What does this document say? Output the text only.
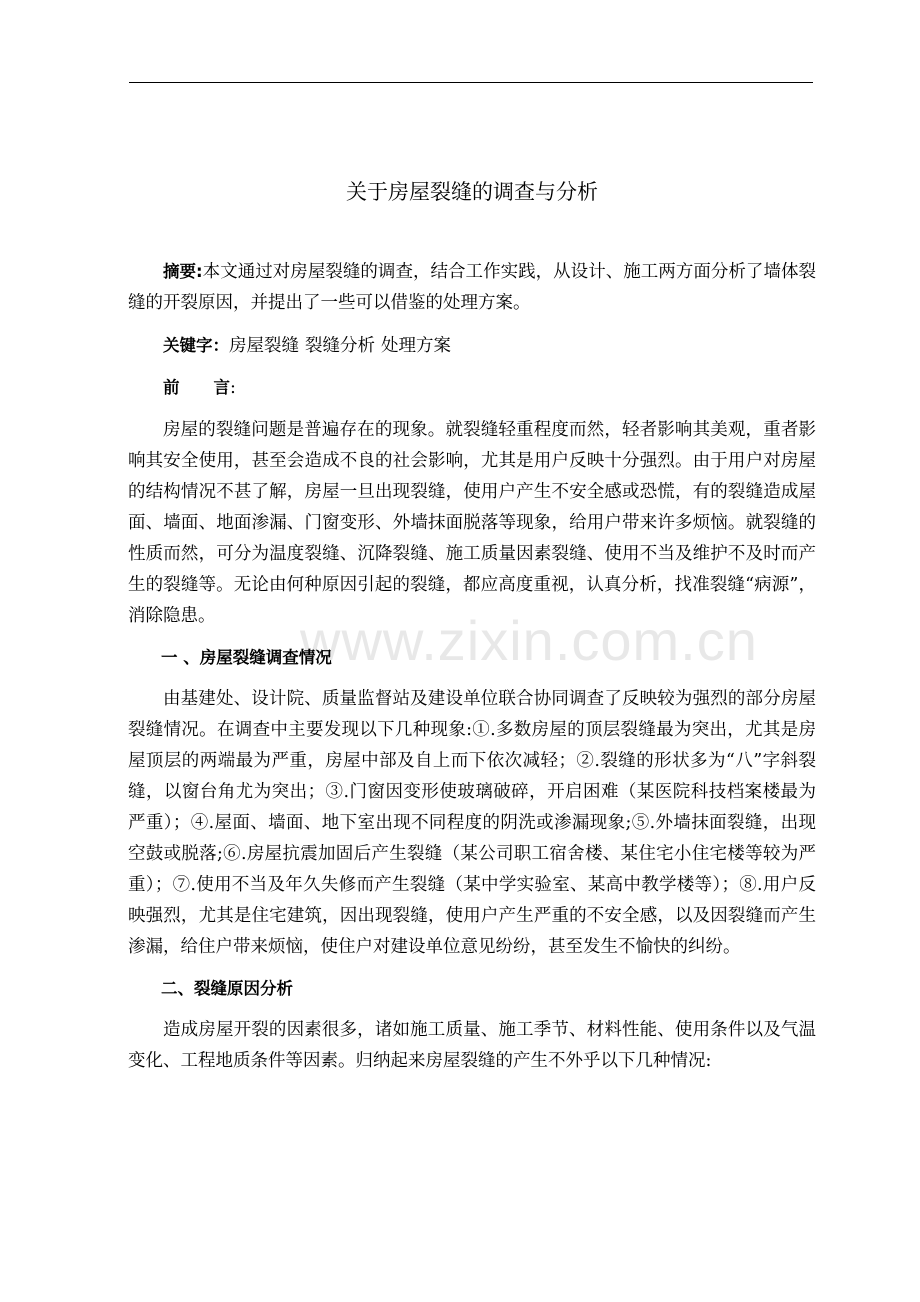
www.zixin.com.cn
关于房屋裂缝的调查与分析

摘要:本文通过对房屋裂缝的调查，结合工作实践，从设计、施工两方面分析了墙体裂缝的开裂原因，并提出了一些可以借鉴的处理方案。

关键字：房屋裂缝 裂缝分析 处理方案

前 言:

房屋的裂缝问题是普遍存在的现象。就裂缝轻重程度而然，轻者影响其美观，重者影响其安全使用，甚至会造成不良的社会影响，尤其是用户反映十分强烈。由于用户对房屋的结构情况不甚了解，房屋一旦出现裂缝，使用户产生不安全感或恐慌，有的裂缝造成屋面、墙面、地面渗漏、门窗变形、外墙抹面脱落等现象，给用户带来许多烦恼。就裂缝的性质而然，可分为温度裂缝、沉降裂缝、施工质量因素裂缝、使用不当及维护不及时而产生的裂缝等。无论由何种原因引起的裂缝，都应高度重视，认真分析，找准裂缝“病源”，消除隐患。

一 、房屋裂缝调查情况

由基建处、设计院、质量监督站及建设单位联合协同调查了反映较为强烈的部分房屋裂缝情况。在调查中主要发现以下几种现象:①.多数房屋的顶层裂缝最为突出，尤其是房屋顶层的两端最为严重，房屋中部及自上而下依次减轻；②.裂缝的形状多为“八”字斜裂缝，以窗台角尤为突出；③.门窗因变形使玻璃破碎，开启困难（某医院科技档案楼最为严重）；④.屋面、墙面、地下室出现不同程度的阴洗或渗漏现象;⑤.外墙抹面裂缝，出现空鼓或脱落;⑥.房屋抗震加固后产生裂缝（某公司职工宿舍楼、某住宅小住宅楼等较为严重）；⑦.使用不当及年久失修而产生裂缝（某中学实验室、某高中教学楼等）；⑧.用户反映强烈，尤其是住宅建筑，因出现裂缝，使用户产生严重的不安全感，以及因裂缝而产生渗漏，给住户带来烦恼，使住户对建设单位意见纷纷，甚至发生不愉快的纠纷。

二、裂缝原因分析

造成房屋开裂的因素很多，诸如施工质量、施工季节、材料性能、使用条件以及气温变化、工程地质条件等因素。归纳起来房屋裂缝的产生不外乎以下几种情况:
